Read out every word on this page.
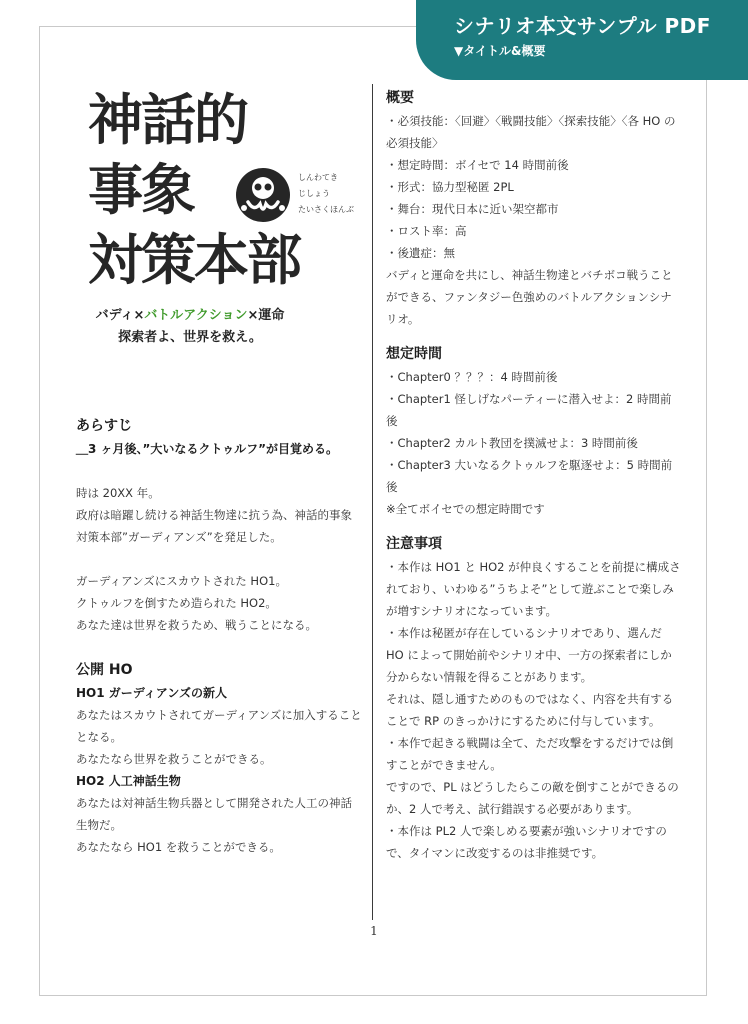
シナリオ本文サンプル PDF
▼タイトル&概要
神話的
事象	しんわてき
じしょう
たいさくほんぶ
対策本部
バディ×バトルアクション×運命
探索者よ、世界を救え。
あらすじ

＿3 ヶ月後、”大いなるクトゥルフ”が目覚める。

時は 20XX 年。

政府は暗躍し続ける神話生物達に抗う為、神話的事象対策本部”ガーディアンズ”を発足した。

ガーディアンズにスカウトされた HO1。

クトゥルフを倒すため造られた HO2。

あなた達は世界を救うため、戦うことになる。

公開 HO

HO1 ガーディアンズの新人

あなたはスカウトされてガーディアンズに加入することとなる。

あなたなら世界を救うことができる。

HO2 人工神話生物

あなたは対神話生物兵器として開発された人工の神話生物だ。

あなたなら HO1 を救うことができる。

概要

・必須技能：〈回避〉〈戦闘技能〉〈探索技能〉〈各 HO の必須技能〉

・想定時間：ボイセで 14 時間前後

・形式：協力型秘匿 2PL

・舞台：現代日本に近い架空都市

・ロスト率：高

・後遺症：無

バディと運命を共にし、神話生物達とバチボコ戦うことができる、ファンタジー色強めのバトルアクションシナリオ。

想定時間

・Chapter0 ？？？：4 時間前後

・Chapter1 怪しげなパーティーに潜入せよ：2 時間前後

・Chapter2 カルト教団を撲滅せよ：3 時間前後

・Chapter3 大いなるクトゥルフを駆逐せよ：5 時間前後

※全てボイセでの想定時間です

注意事項

・本作は HO1 と HO2 が仲良くすることを前提に構成されており、いわゆる”うちよそ”として遊ぶことで楽しみが増すシナリオになっています。

・本作は秘匿が存在しているシナリオであり、選んだ HO によって開始前やシナリオ中、一方の探索者にしか分からない情報を得ることがあります。

それは、隠し通すためのものではなく、内容を共有することで RP のきっかけにするために付与しています。

・本作で起きる戦闘は全て、ただ攻撃をするだけでは倒すことができません。

ですので、PL はどうしたらこの敵を倒すことができるのか、2 人で考え、試行錯誤する必要があります。

・本作は PL2 人で楽しめる要素が強いシナリオですので、タイマンに改変するのは非推奨です。

1
